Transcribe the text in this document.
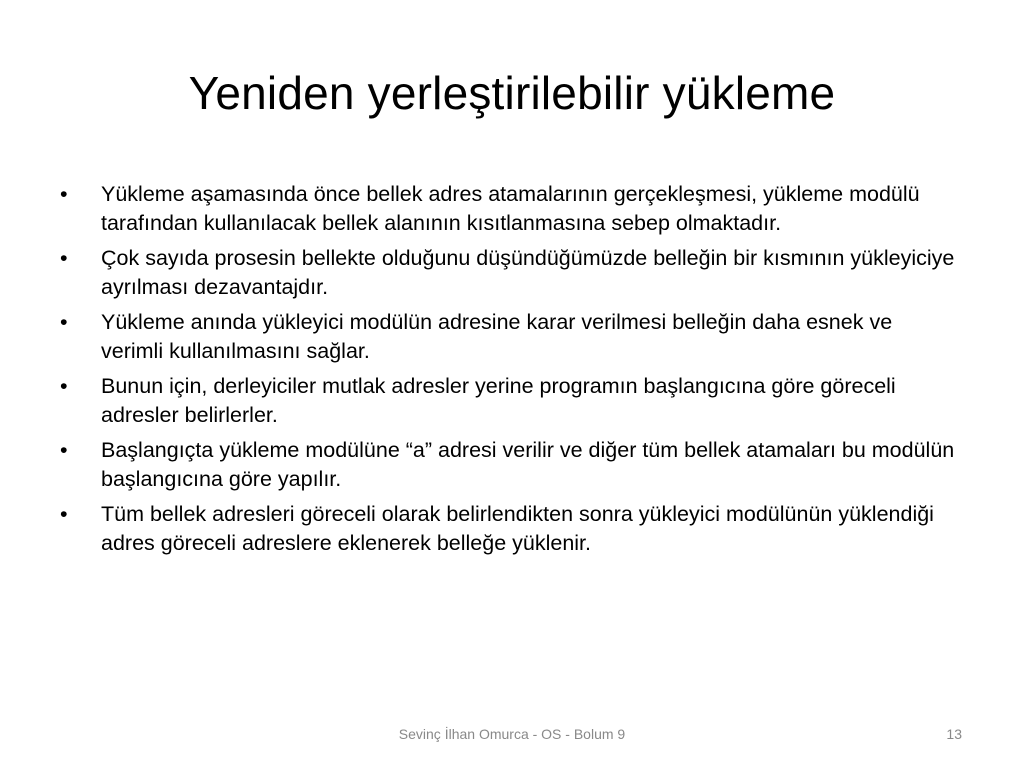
Yeniden yerleştirilebilir yükleme
•	Yükleme aşamasında önce bellek adres atamalarının gerçekleşmesi, yükleme modülü tarafından kullanılacak bellek alanının kısıtlanmasına sebep olmaktadır.
•	Çok sayıda prosesin bellekte olduğunu düşündüğümüzde belleğin bir kısmının yükleyiciye ayrılması dezavantajdır.
•	Yükleme anında yükleyici modülün adresine karar verilmesi belleğin daha esnek ve verimli kullanılmasını sağlar.
•	Bunun için, derleyiciler mutlak adresler yerine programın başlangıcına göre göreceli adresler belirlerler.
•	Başlangıçta yükleme modülüne “a” adresi verilir ve diğer tüm bellek atamaları bu modülün başlangıcına göre yapılır.
•	Tüm bellek adresleri göreceli olarak belirlendikten sonra yükleyici modülünün yüklendiği adres göreceli adreslere eklenerek belleğe yüklenir.
Sevinç İlhan Omurca - OS - Bolum 9	13
